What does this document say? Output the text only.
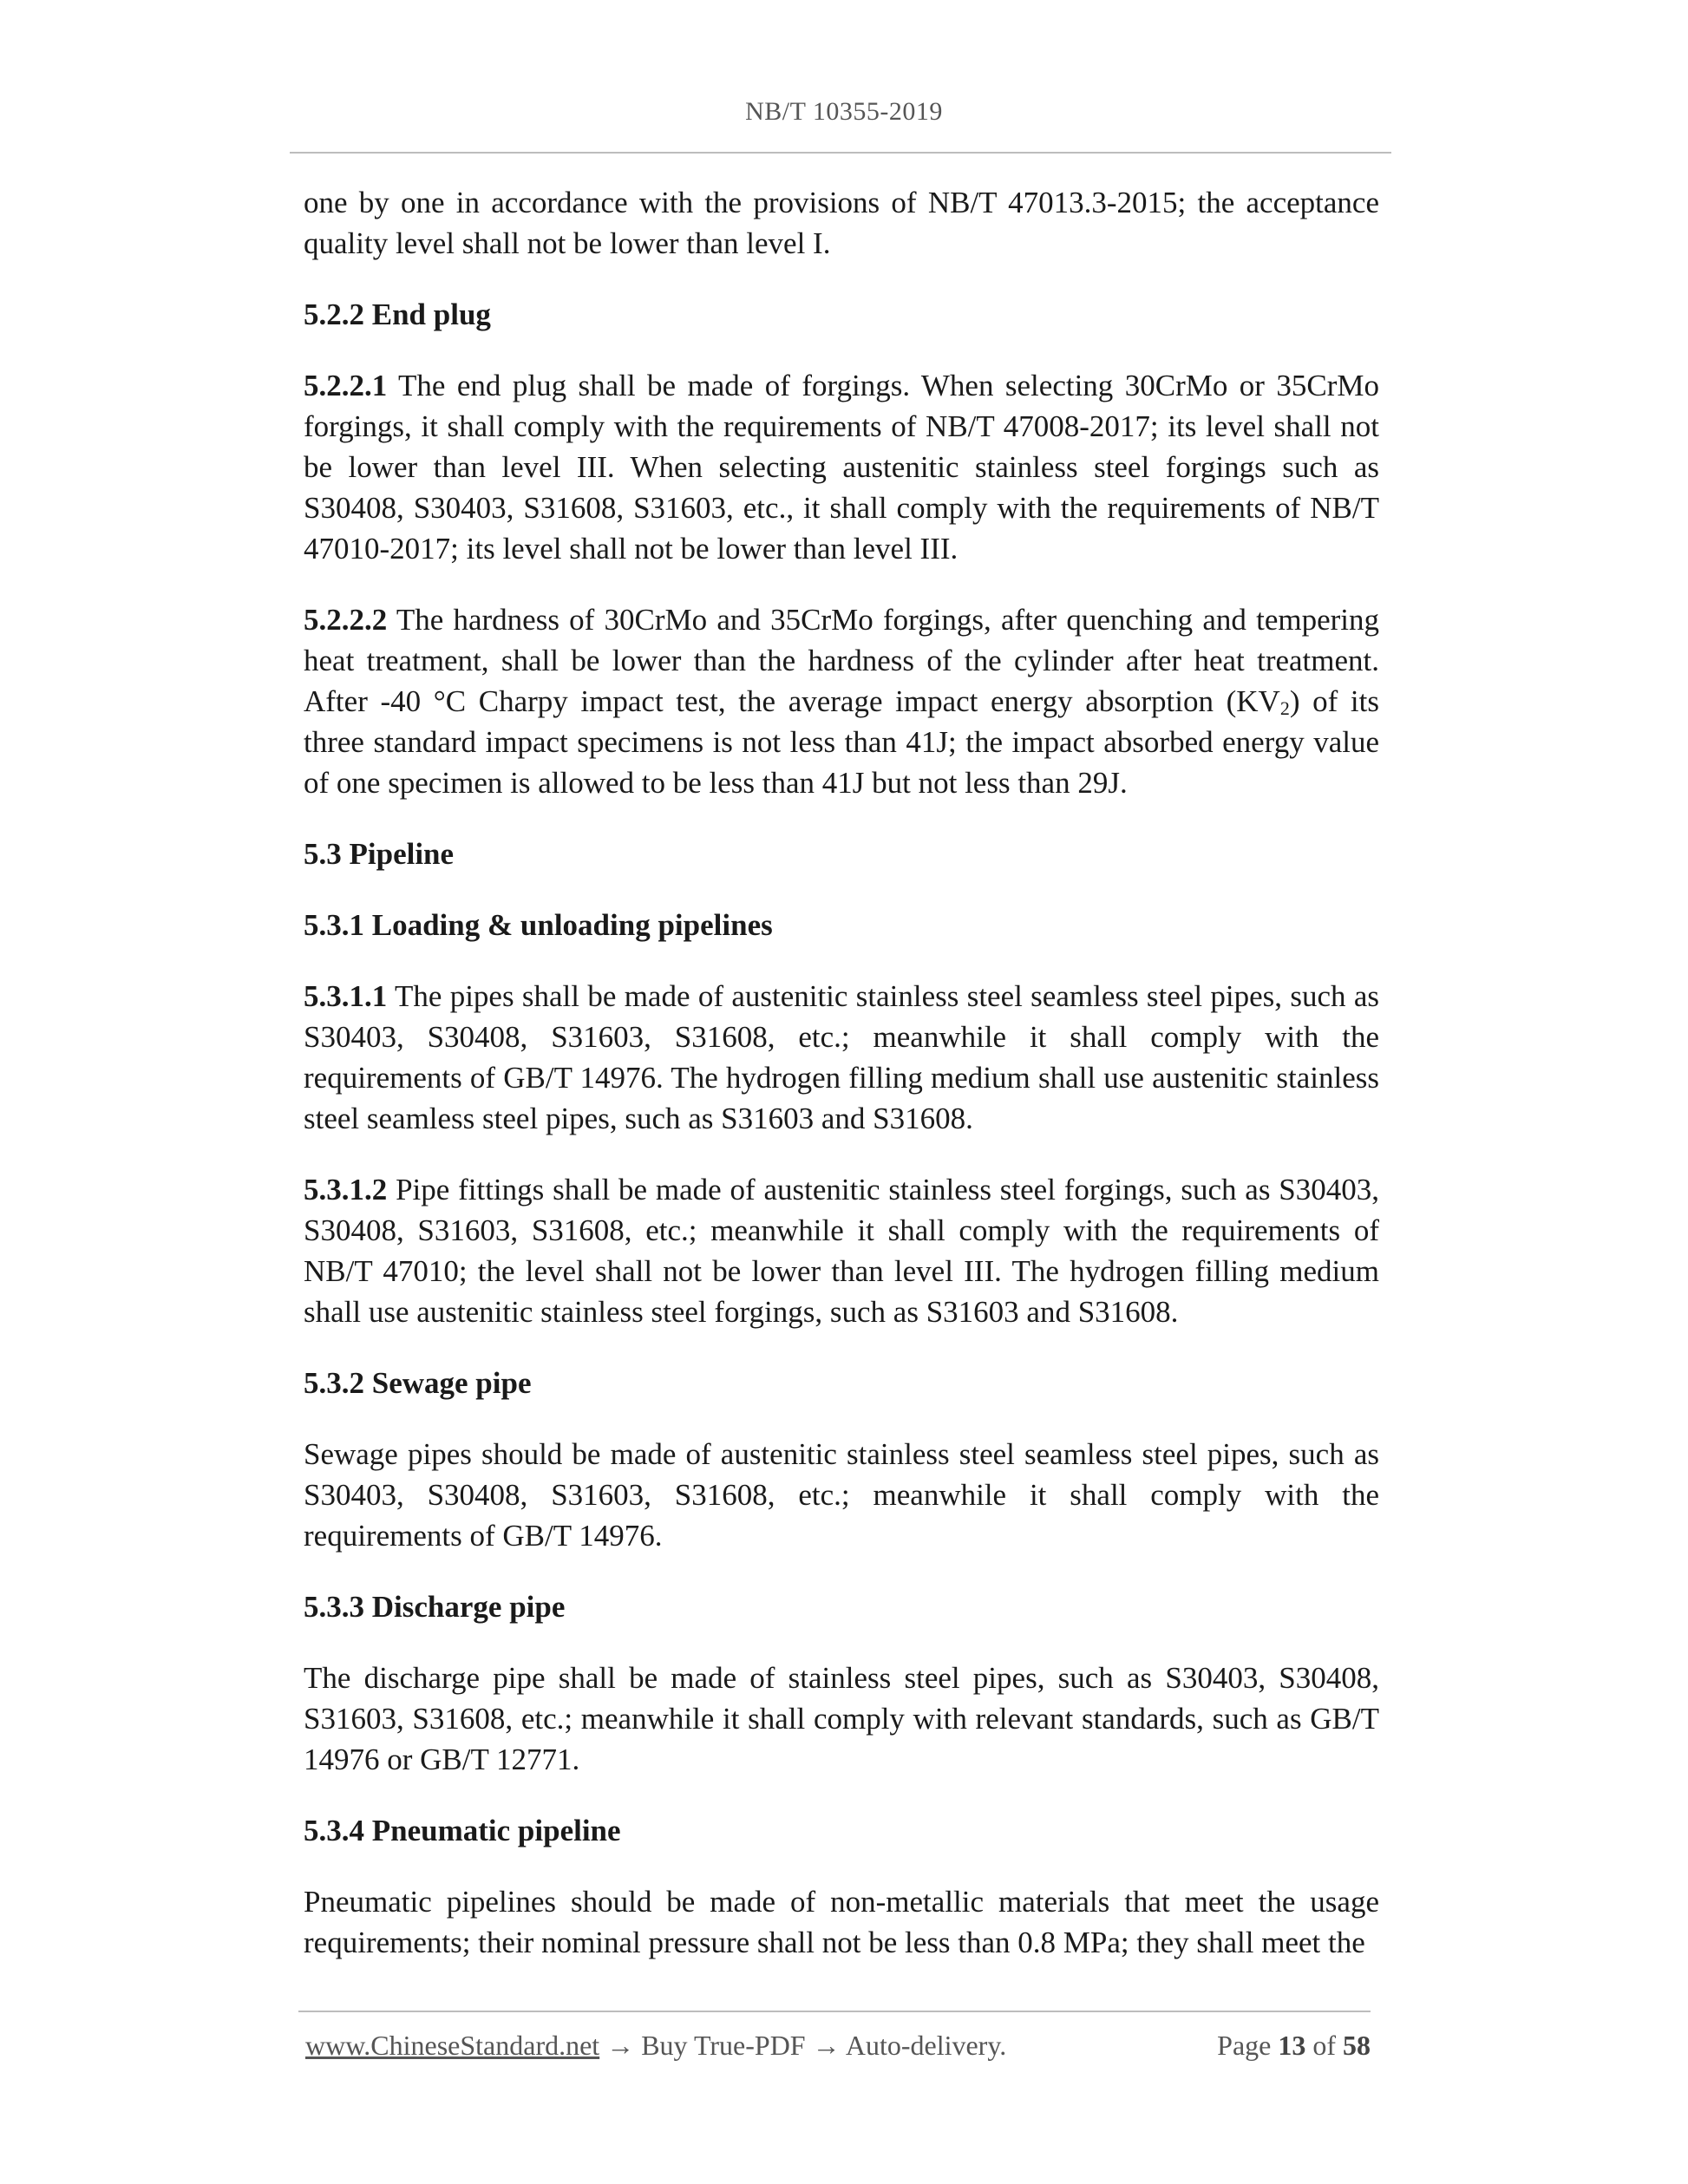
NB/T 10355-2019

one by one in accordance with the provisions of NB/T 47013.3-2015; the acceptance quality level shall not be lower than level I.

5.2.2 End plug

5.2.2.1 The end plug shall be made of forgings. When selecting 30CrMo or 35CrMo forgings, it shall comply with the requirements of NB/T 47008-2017; its level shall not be lower than level III. When selecting austenitic stainless steel forgings such as S30408, S30403, S31608, S31603, etc., it shall comply with the requirements of NB/T 47010-2017; its level shall not be lower than level III.

5.2.2.2 The hardness of 30CrMo and 35CrMo forgings, after quenching and tempering heat treatment, shall be lower than the hardness of the cylinder after heat treatment. After -40 °C Charpy impact test, the average impact energy absorption $(KV_2)$ of its three standard impact specimens is not less than 41J; the impact absorbed energy value of one specimen is allowed to be less than 41J but not less than 29J.

5.3 Pipeline

5.3.1 Loading & unloading pipelines

5.3.1.1 The pipes shall be made of austenitic stainless steel seamless steel pipes, such as S30403, S30408, S31603, S31608, etc.; meanwhile it shall comply with the requirements of GB/T 14976. The hydrogen filling medium shall use austenitic stainless steel seamless steel pipes, such as S31603 and S31608.

5.3.1.2 Pipe fittings shall be made of austenitic stainless steel forgings, such as S30403, S30408, S31603, S31608, etc.; meanwhile it shall comply with the requirements of NB/T 47010; the level shall not be lower than level III. The hydrogen filling medium shall use austenitic stainless steel forgings, such as S31603 and S31608.

5.3.2 Sewage pipe

Sewage pipes should be made of austenitic stainless steel seamless steel pipes, such as S30403, S30408, S31603, S31608, etc.; meanwhile it shall comply with the requirements of GB/T 14976.

5.3.3 Discharge pipe

The discharge pipe shall be made of stainless steel pipes, such as S30403, S30408, S31603, S31608, etc.; meanwhile it shall comply with relevant standards, such as GB/T 14976 or GB/T 12771.

5.3.4 Pneumatic pipeline

Pneumatic pipelines should be made of non-metallic materials that meet the usage requirements; their nominal pressure shall not be less than 0.8 MPa; they shall meet the

www.ChineseStandard.net → Buy True-PDF → Auto-delivery.	Page 13 of 58
